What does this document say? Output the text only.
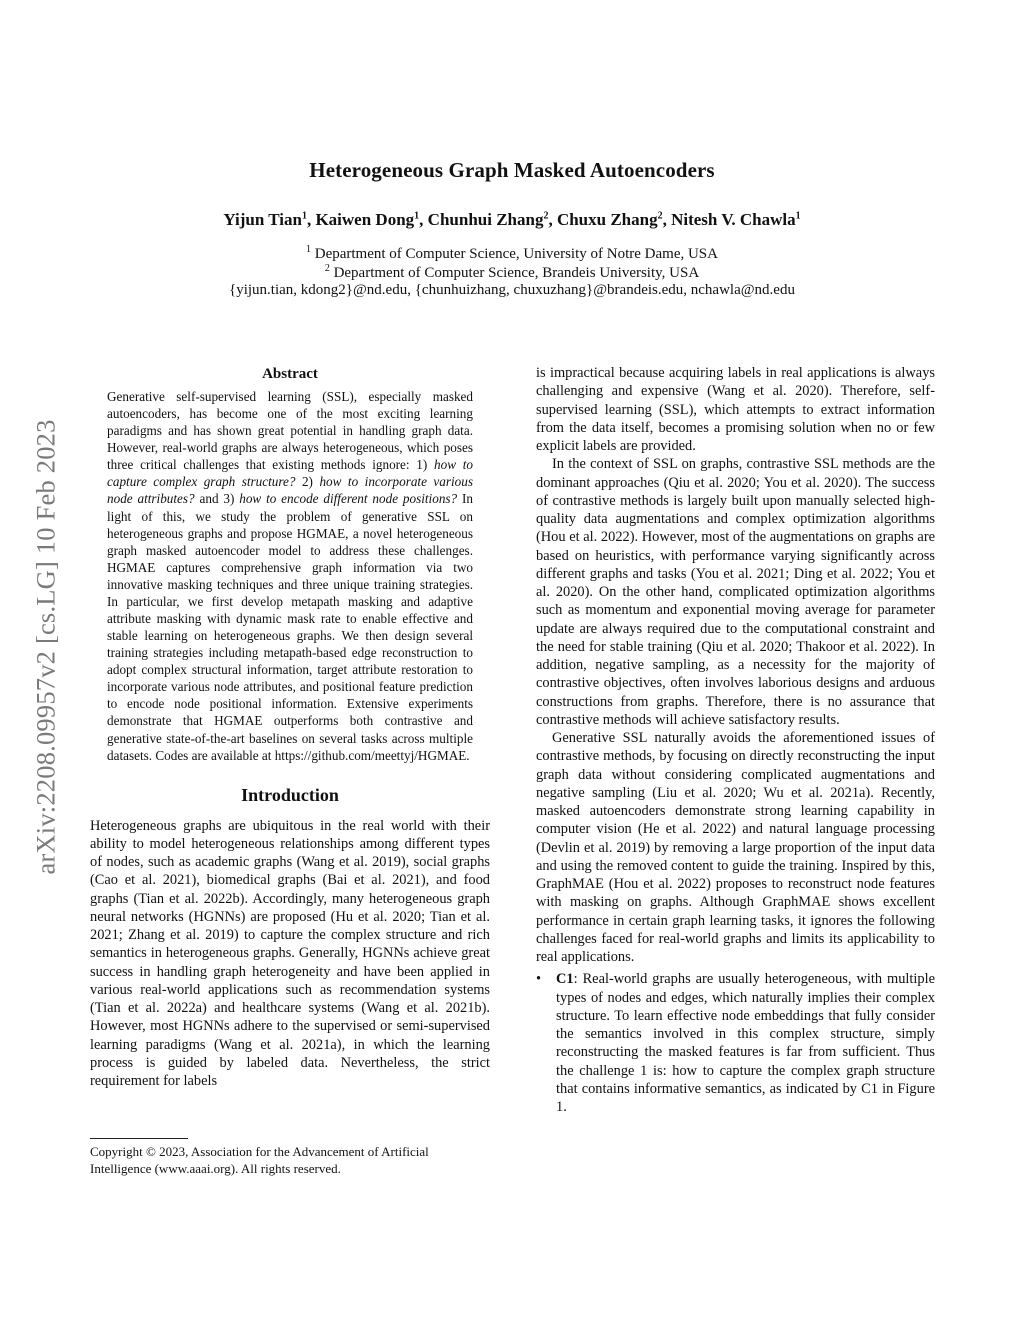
Heterogeneous Graph Masked Autoencoders
Yijun Tian$^1$, Kaiwen Dong$^1$, Chunhui Zhang$^2$, Chuxu Zhang$^2$, Nitesh V. Chawla$^1$
$^1$ Department of Computer Science, University of Notre Dame, USA
$^2$ Department of Computer Science, Brandeis University, USA
{yijun.tian, kdong2}@nd.edu, {chunhuizhang, chuxuzhang}@brandeis.edu, nchawla@nd.edu
arXiv:2208.09957v2 [cs.LG] 10 Feb 2023
Abstract

Generative self-supervised learning (SSL), especially masked autoencoders, has become one of the most exciting learning paradigms and has shown great potential in handling graph data. However, real-world graphs are always heterogeneous, which poses three critical challenges that existing methods ignore: 1) how to capture complex graph structure? 2) how to incorporate various node attributes? and 3) how to encode different node positions? In light of this, we study the problem of generative SSL on heterogeneous graphs and propose HGMAE, a novel heterogeneous graph masked autoencoder model to address these challenges. HGMAE captures comprehensive graph information via two innovative masking techniques and three unique training strategies. In particular, we first develop metapath masking and adaptive attribute masking with dynamic mask rate to enable effective and stable learning on heterogeneous graphs. We then design several training strategies including metapath-based edge reconstruction to adopt complex structural information, target attribute restoration to incorporate various node attributes, and positional feature prediction to encode node positional information. Extensive experiments demonstrate that HGMAE outperforms both contrastive and generative state-of-the-art baselines on several tasks across multiple datasets. Codes are available at https://github.com/meettyj/HGMAE.

Introduction

Heterogeneous graphs are ubiquitous in the real world with their ability to model heterogeneous relationships among different types of nodes, such as academic graphs (Wang et al. 2019), social graphs (Cao et al. 2021), biomedical graphs (Bai et al. 2021), and food graphs (Tian et al. 2022b). Accordingly, many heterogeneous graph neural networks (HGNNs) are proposed (Hu et al. 2020; Tian et al. 2021; Zhang et al. 2019) to capture the complex structure and rich semantics in heterogeneous graphs. Generally, HGNNs achieve great success in handling graph heterogeneity and have been applied in various real-world applications such as recommendation systems (Tian et al. 2022a) and healthcare systems (Wang et al. 2021b). However, most HGNNs adhere to the supervised or semi-supervised learning paradigms (Wang et al. 2021a), in which the learning process is guided by labeled data. Nevertheless, the strict requirement for labels

Copyright © 2023, Association for the Advancement of Artificial Intelligence (www.aaai.org). All rights reserved.

is impractical because acquiring labels in real applications is always challenging and expensive (Wang et al. 2020). Therefore, self-supervised learning (SSL), which attempts to extract information from the data itself, becomes a promising solution when no or few explicit labels are provided.

In the context of SSL on graphs, contrastive SSL methods are the dominant approaches (Qiu et al. 2020; You et al. 2020). The success of contrastive methods is largely built upon manually selected high-quality data augmentations and complex optimization algorithms (Hou et al. 2022). However, most of the augmentations on graphs are based on heuristics, with performance varying significantly across different graphs and tasks (You et al. 2021; Ding et al. 2022; You et al. 2020). On the other hand, complicated optimization algorithms such as momentum and exponential moving average for parameter update are always required due to the computational constraint and the need for stable training (Qiu et al. 2020; Thakoor et al. 2022). In addition, negative sampling, as a necessity for the majority of contrastive objectives, often involves laborious designs and arduous constructions from graphs. Therefore, there is no assurance that contrastive methods will achieve satisfactory results.

Generative SSL naturally avoids the aforementioned issues of contrastive methods, by focusing on directly reconstructing the input graph data without considering complicated augmentations and negative sampling (Liu et al. 2020; Wu et al. 2021a). Recently, masked autoencoders demonstrate strong learning capability in computer vision (He et al. 2022) and natural language processing (Devlin et al. 2019) by removing a large proportion of the input data and using the removed content to guide the training. Inspired by this, GraphMAE (Hou et al. 2022) proposes to reconstruct node features with masking on graphs. Although GraphMAE shows excellent performance in certain graph learning tasks, it ignores the following challenges faced for real-world graphs and limits its applicability to real applications.

•	C1: Real-world graphs are usually heterogeneous, with multiple types of nodes and edges, which naturally implies their complex structure. To learn effective node embeddings that fully consider the semantics involved in this complex structure, simply reconstructing the masked features is far from sufficient. Thus the challenge 1 is: how to capture the complex graph structure that contains informative semantics, as indicated by C1 in Figure 1.
